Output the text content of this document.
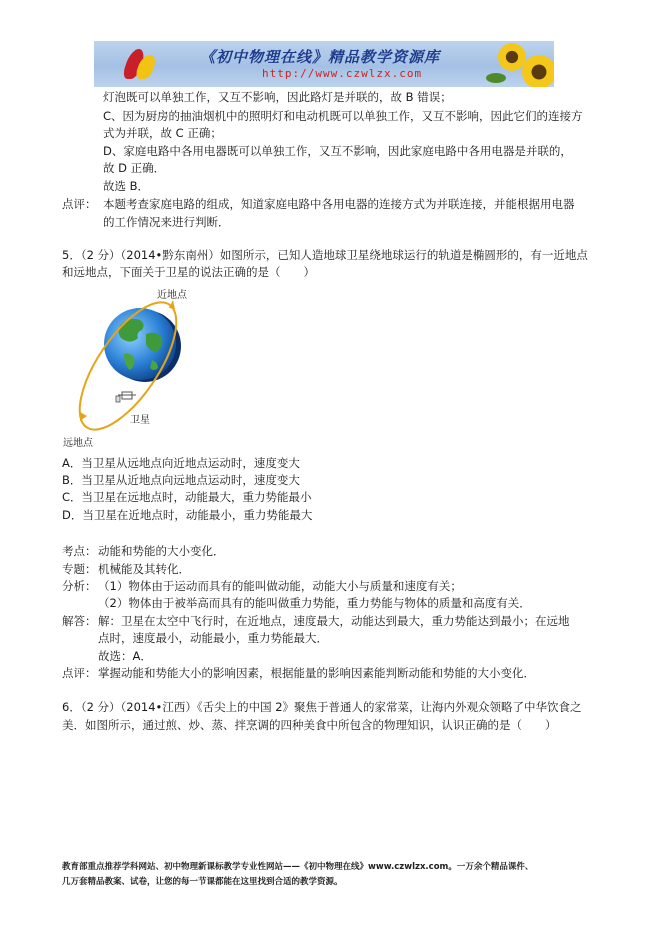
《初中物理在线》精品教学资源库
http://www.czwlzx.com
灯泡既可以单独工作，又互不影响，因此路灯是并联的，故 B 错误；
C、因为厨房的抽油烟机中的照明灯和电动机既可以单独工作，又互不影响，因此它们的连接方
式为并联，故 C 正确；
D、家庭电路中各用电器既可以单独工作，又互不影响，因此家庭电路中各用电器是并联的，
故 D 正确．
故选 B．
点评： 本题考查家庭电路的组成，知道家庭电路中各用电器的连接方式为并联连接，并能根据用电器
的工作情况来进行判断．
5．（2 分）（2014•黔东南州）如图所示，已知人造地球卫星绕地球运行的轨道是椭圆形的，有一近地点
和远地点，下面关于卫星的说法正确的是（　　）
近地点
远地点
卫星
A．当卫星从远地点向近地点运动时，速度变大
B．当卫星从近地点向远地点运动时，速度变大
C．当卫星在远地点时，动能最大，重力势能最小
D．当卫星在近地点时，动能最小，重力势能最大
考点： 动能和势能的大小变化．
专题： 机械能及其转化．
分析： （1）物体由于运动而具有的能叫做动能，动能大小与质量和速度有关；
（2）物体由于被举高而具有的能叫做重力势能，重力势能与物体的质量和高度有关．
解答： 解：卫星在太空中飞行时，在近地点，速度最大，动能达到最大，重力势能达到最小；在远地
点时，速度最小，动能最小，重力势能最大．
故选：A．
点评： 掌握动能和势能大小的影响因素，根据能量的影响因素能判断动能和势能的大小变化．
6．（2 分）（2014•江西）《舌尖上的中国 2》聚焦于普通人的家常菜，让海内外观众领略了中华饮食之
美．如图所示，通过煎、炒、蒸、拌烹调的四种美食中所包含的物理知识，认识正确的是（　　）
教育部重点推荐学科网站、初中物理新课标教学专业性网站——《初中物理在线》www.czwlzx.com。一万余个精品课件、
几万套精品教案、试卷，让您的每一节课都能在这里找到合适的教学资源。
